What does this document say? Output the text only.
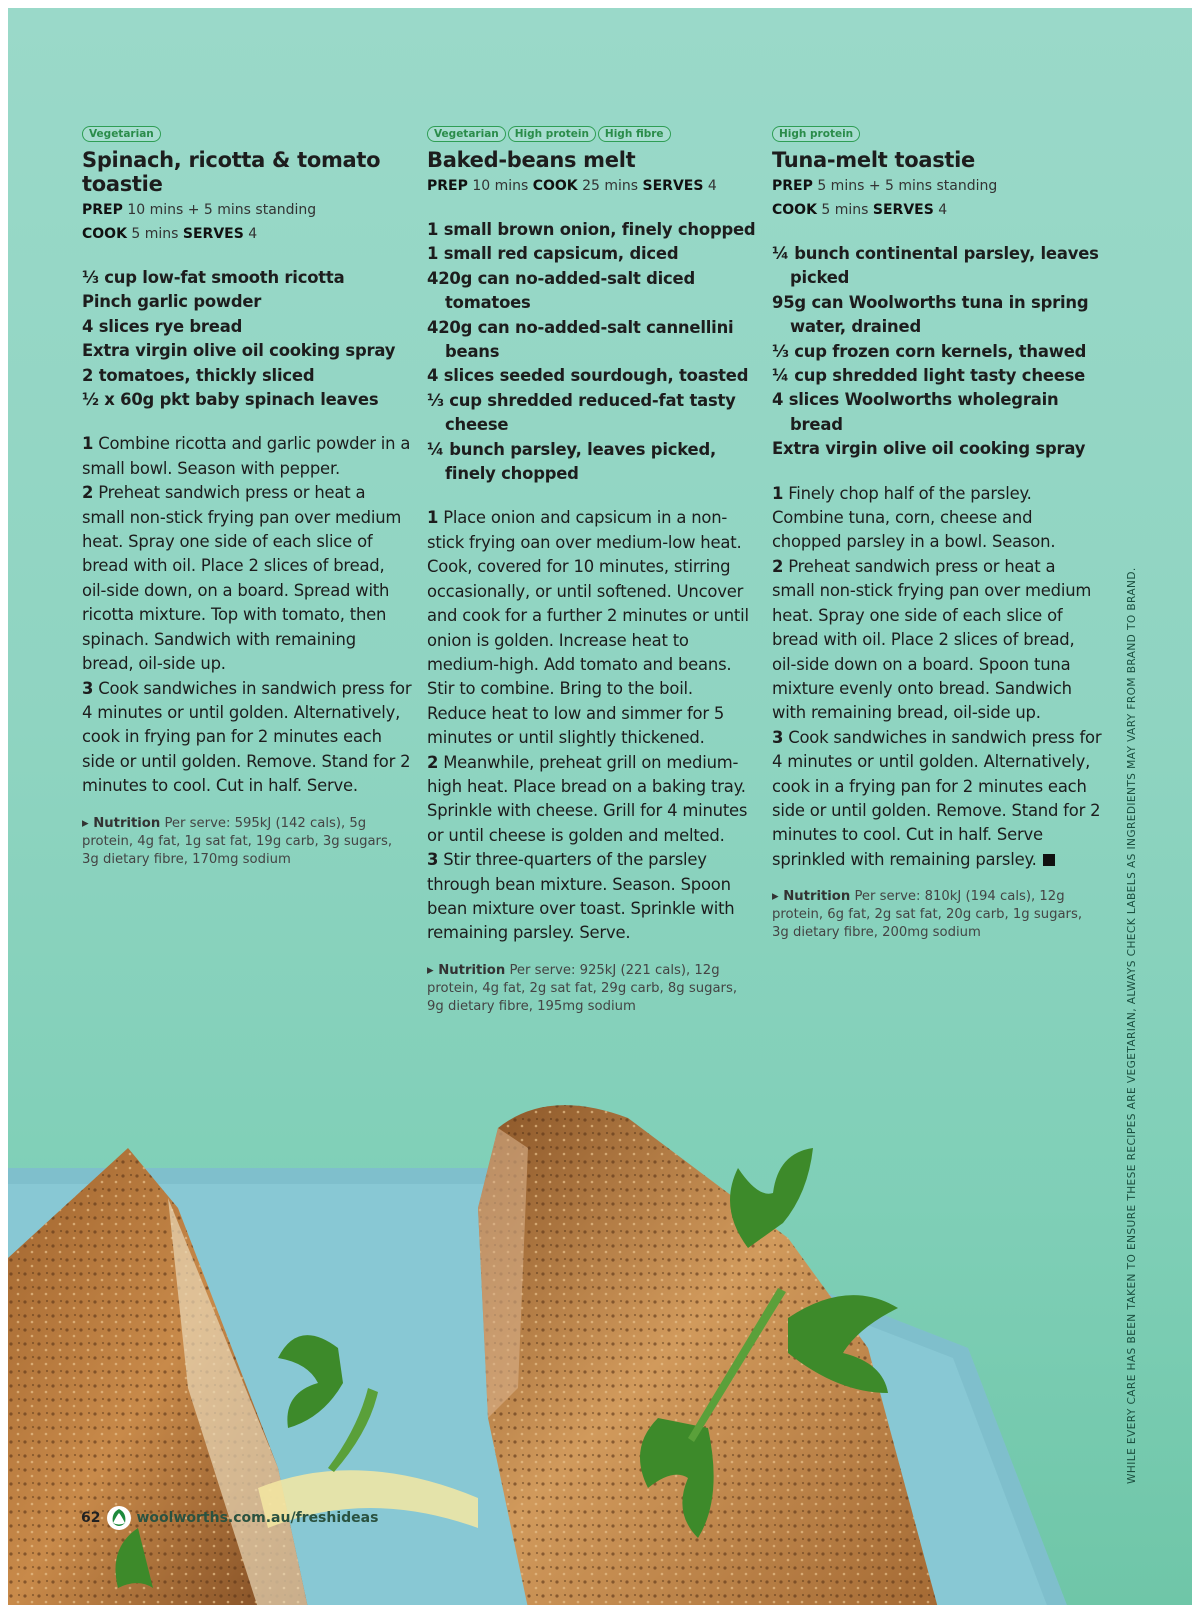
Vegetarian
Spinach, ricotta & tomato toastie
PREP 10 mins + 5 mins standing
COOK 5 mins SERVES 4
⅓ cup low-fat smooth ricotta
Pinch garlic powder
4 slices rye bread
Extra virgin olive oil cooking spray
2 tomatoes, thickly sliced
½ x 60g pkt baby spinach leaves

1 Combine ricotta and garlic powder in a small bowl. Season with pepper.

2 Preheat sandwich press or heat a small non-stick frying pan over medium heat. Spray one side of each slice of bread with oil. Place 2 slices of bread, oil-side down, on a board. Spread with ricotta mixture. Top with tomato, then spinach. Sandwich with remaining bread, oil-side up.

3 Cook sandwiches in sandwich press for 4 minutes or until golden. Alternatively, cook in frying pan for 2 minutes each side or until golden. Remove. Stand for 2 minutes to cool. Cut in half. Serve.

▸ Nutrition Per serve: 595kJ (142 cals), 5g protein, 4g fat, 1g sat fat, 19g carb, 3g sugars, 3g dietary fibre, 170mg sodium
Vegetarian High protein High fibre
Baked-beans melt
PREP 10 mins COOK 25 mins SERVES 4
1 small brown onion, finely chopped
1 small red capsicum, diced
420g can no-added-salt diced tomatoes
420g can no-added-salt cannellini beans
4 slices seeded sourdough, toasted
⅓ cup shredded reduced-fat tasty cheese
¼ bunch parsley, leaves picked, finely chopped

1 Place onion and capsicum in a non-stick frying oan over medium-low heat. Cook, covered for 10 minutes, stirring occasionally, or until softened. Uncover and cook for a further 2 minutes or until onion is golden. Increase heat to medium-high. Add tomato and beans. Stir to combine. Bring to the boil. Reduce heat to low and simmer for 5 minutes or until slightly thickened.

2 Meanwhile, preheat grill on medium-high heat. Place bread on a baking tray. Sprinkle with cheese. Grill for 4 minutes or until cheese is golden and melted.

3 Stir three-quarters of the parsley through bean mixture. Season. Spoon bean mixture over toast. Sprinkle with remaining parsley. Serve.

▸ Nutrition Per serve: 925kJ (221 cals), 12g protein, 4g fat, 2g sat fat, 29g carb, 8g sugars, 9g dietary fibre, 195mg sodium
High protein
Tuna-melt toastie
PREP 5 mins + 5 mins standing
COOK 5 mins SERVES 4
¼ bunch continental parsley, leaves picked
95g can Woolworths tuna in spring water, drained
⅓ cup frozen corn kernels, thawed
¼ cup shredded light tasty cheese
4 slices Woolworths wholegrain bread
Extra virgin olive oil cooking spray

1 Finely chop half of the parsley. Combine tuna, corn, cheese and chopped parsley in a bowl. Season.

2 Preheat sandwich press or heat a small non-stick frying pan over medium heat. Spray one side of each slice of bread with oil. Place 2 slices of bread, oil-side down on a board. Spoon tuna mixture evenly onto bread. Sandwich with remaining bread, oil-side up.

3 Cook sandwiches in sandwich press for 4 minutes or until golden. Alternatively, cook in a frying pan for 2 minutes each side or until golden. Remove. Stand for 2 minutes to cool. Cut in half. Serve sprinkled with remaining parsley.

▸ Nutrition Per serve: 810kJ (194 cals), 12g protein, 6g fat, 2g sat fat, 20g carb, 1g sugars, 3g dietary fibre, 200mg sodium	WHILE EVERY CARE HAS BEEN TAKEN TO ENSURE THESE RECIPES ARE VEGETARIAN, ALWAYS CHECK LABELS AS INGREDIENTS MAY VARY FROM BRAND TO BRAND.
62	woolworths.com.au/freshideas
